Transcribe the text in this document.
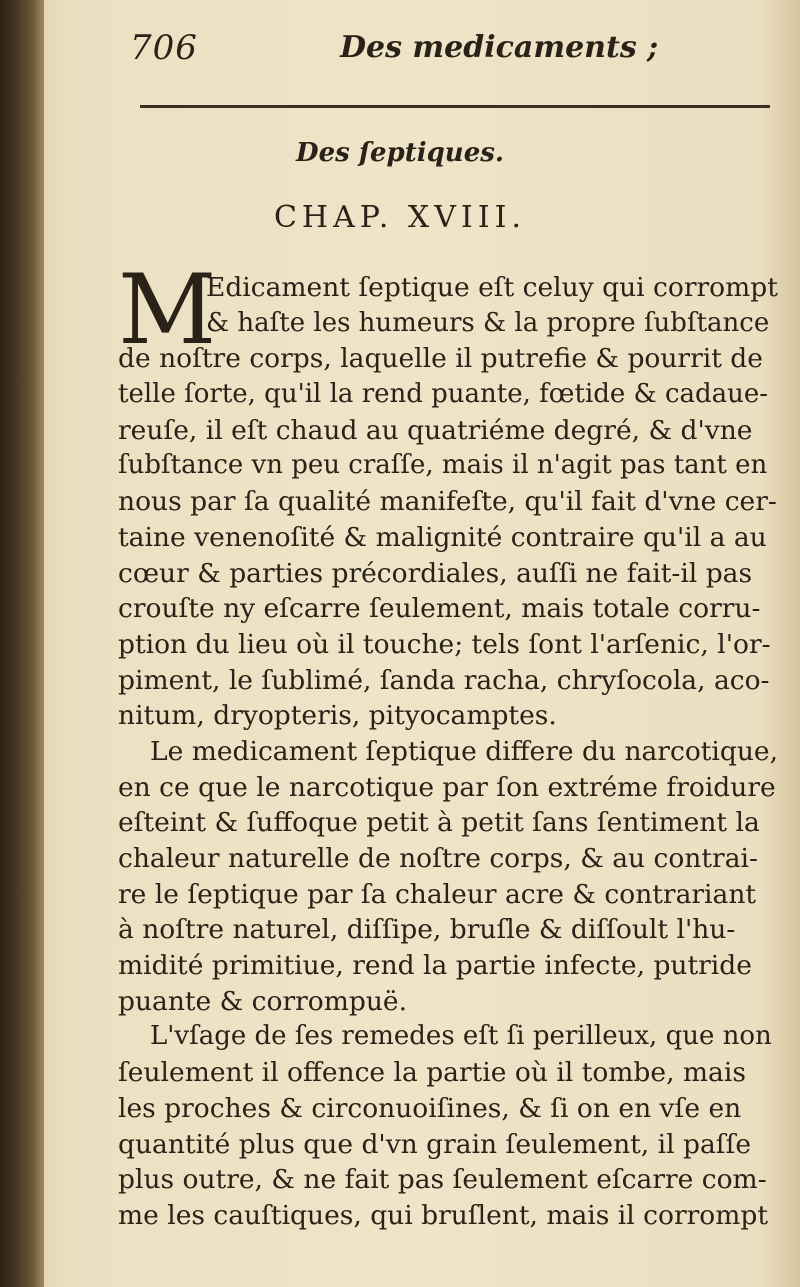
706	Des medicaments ;
Des ſeptiques.
CHAP. XVIII.
M
Edicament ſeptique eſt celuy qui corrompt
& haſte les humeurs & la propre ſubſtance
de noſtre corps, laquelle il putrefie & pourrit de
telle ſorte, qu'il la rend puante, fœtide & cadaue-
reuſe, il eſt chaud au quatriéme degré, & d'vne
ſubſtance vn peu craſſe, mais il n'agit pas tant en
nous par ſa qualité manifeſte, qu'il fait d'vne cer-
taine venenoſité & malignité contraire qu'il a au
cœur & parties précordiales, auſſi ne fait-il pas
crouſte ny eſcarre ſeulement, mais totale corru-
ption du lieu où il touche; tels ſont l'arſenic, l'or-
piment, le ſublimé, ſanda racha, chryſocola, aco-
nitum, dryopteris, pityocamptes.
Le medicament ſeptique differe du narcotique,
en ce que le narcotique par ſon extréme froidure
eſteint & ſuffoque petit à petit ſans ſentiment la
chaleur naturelle de noſtre corps, & au contrai-
re le ſeptique par ſa chaleur acre & contrariant
à noſtre naturel, diſſipe, bruſle & diſſoult l'hu-
midité primitiue, rend la partie infecte, putride
puante & corrompuë.
L'vſage de ſes remedes eſt ſi perilleux, que non
ſeulement il offence la partie où il tombe, mais
les proches & circonuoiſines, & ſi on en vſe en
quantité plus que d'vn grain ſeulement, il paſſe
plus outre, & ne fait pas ſeulement eſcarre com-
me les cauſtiques, qui bruſlent, mais il corrompt
